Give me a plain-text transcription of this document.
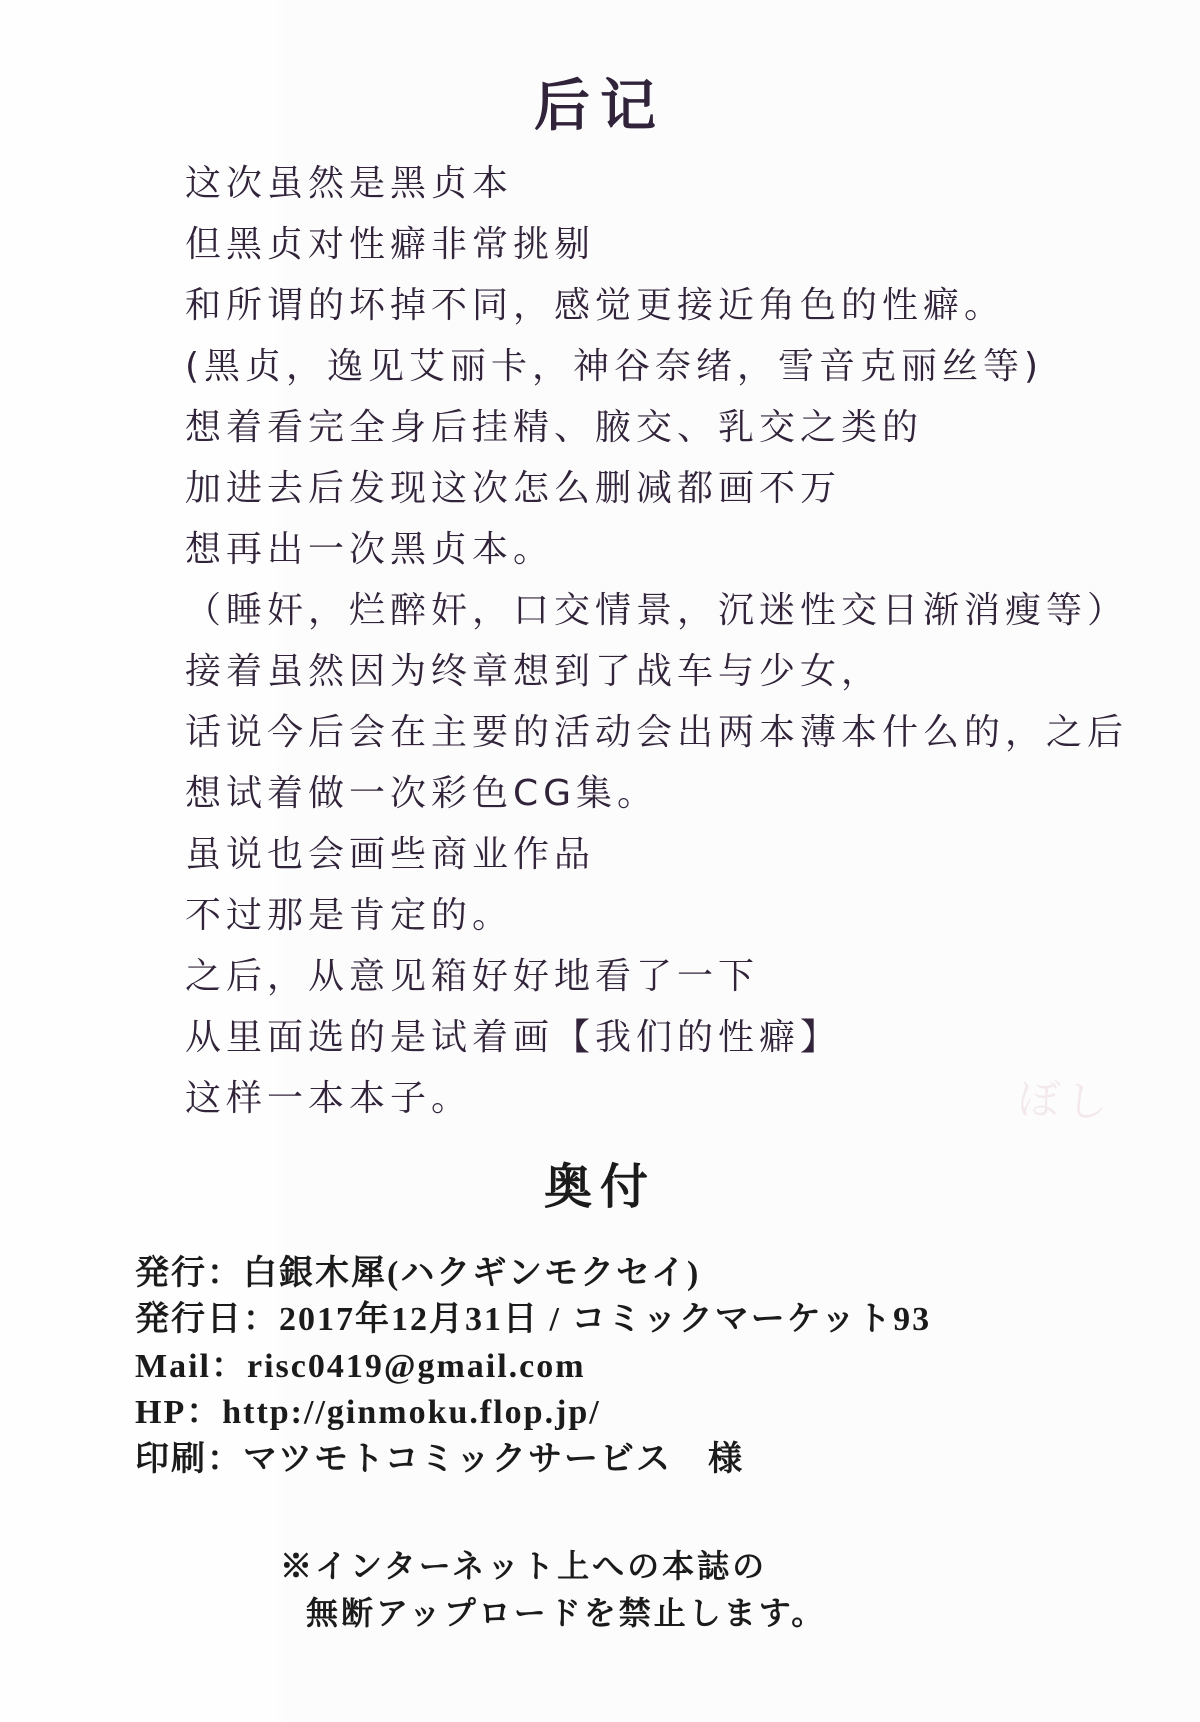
后记

这次虽然是黑贞本

但黑贞对性癖非常挑剔

和所谓的坏掉不同，感觉更接近角色的性癖。

(黑贞，逸见艾丽卡，神谷奈绪，雪音克丽丝等)

想着看完全身后挂精、腋交、乳交之类的

加进去后发现这次怎么删减都画不万

想再出一次黑贞本。

（睡奸，烂醉奸，口交情景，沉迷性交日渐消瘦等）

接着虽然因为终章想到了战车与少女，

话说今后会在主要的活动会出两本薄本什么的，之后

想试着做一次彩色CG集。

虽说也会画些商业作品

不过那是肯定的。

之后，从意见箱好好地看了一下

从里面选的是试着画【我们的性癖】

这样一本本子。	ぼし
奥付

発行：白銀木犀(ハクギンモクセイ)

発行日：2017年12月31日 / コミックマーケット93

Mail：risc0419@gmail.com

HP：http://ginmoku.flop.jp/

印刷：マツモトコミックサービス　様

※インターネット上への本誌の

無断アップロードを禁止します。
